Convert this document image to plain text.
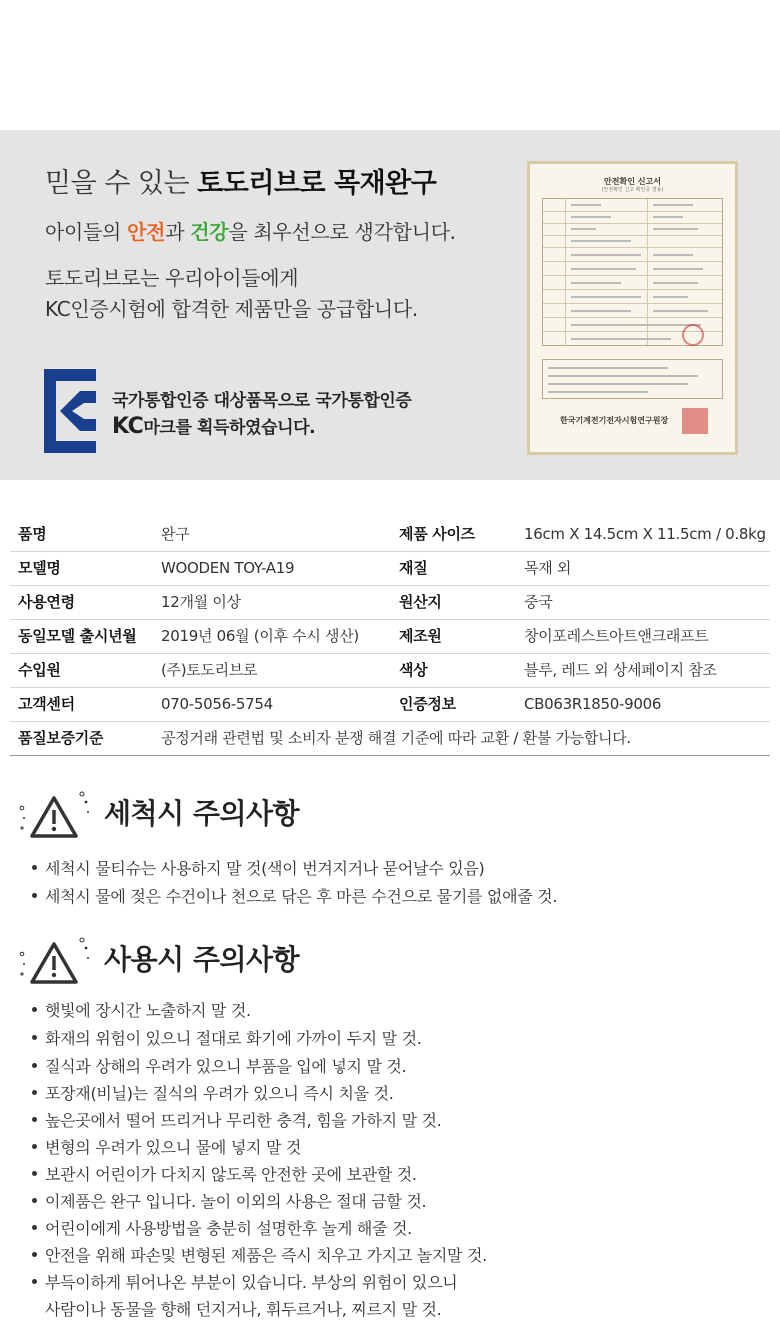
믿을 수 있는 토도리브로 목재완구
아이들의 안전과 건강을 최우선으로 생각합니다.
토도리브로는 우리아이들에게
KC인증시험에 합격한 제품만을 공급합니다.
국가통합인증 대상품목으로 국가통합인증
KC마크를 획득하였습니다.
안전확인 신고서
(안전확인 신고 확인증 겸용)
한국기계전기전자시험연구원장
품명	완구	제품 사이즈	16cm X 14.5cm X 11.5cm / 0.8kg
모델명	WOODEN TOY-A19	재질	목재 외
사용연령	12개월 이상	원산지	중국
동일모델 출시년월 2019년 06월 (이후 수시 생산)	제조원	창이포레스트아트앤크래프트
수입원	(주)토도리브로	색상	블루, 레드 외 상세페이지 참조
고객센터	070-5056-5754	인증정보	CB063R1850-9006
품질보증기준	공정거래 관련법 및 소비자 분쟁 해결 기준에 따라 교환 / 환불 가능합니다.
세척시 주의사항
세척시 물티슈는 사용하지 말 것(색이 번겨지거나 묻어날수 있음)
세척시 물에 젖은 수건이나 천으로 닦은 후 마른 수건으로 물기를 없애줄 것.
사용시 주의사항
햇빛에 장시간 노출하지 말 것.
화재의 위험이 있으니 절대로 화기에 가까이 두지 말 것.
질식과 상해의 우려가 있으니 부품을 입에 넣지 말 것.
포장재(비닐)는 질식의 우려가 있으니 즉시 치울 것.
높은곳에서 떨어 뜨리거나 무리한 충격, 힘을 가하지 말 것.
변형의 우려가 있으니 물에 넣지 말 것
보관시 어린이가 다치지 않도록 안전한 곳에 보관할 것.
이제품은 완구 입니다. 놀이 이외의 사용은 절대 금할 것.
어린이에게 사용방법을 충분히 설명한후 놀게 해줄 것.
안전을 위해 파손및 변형된 제품은 즉시 치우고 가지고 놀지말 것.
부득이하게 튀어나온 부분이 있습니다. 부상의 위험이 있으니
사람이나 동물을 향해 던지거나, 휘두르거나, 찌르지 말 것.
